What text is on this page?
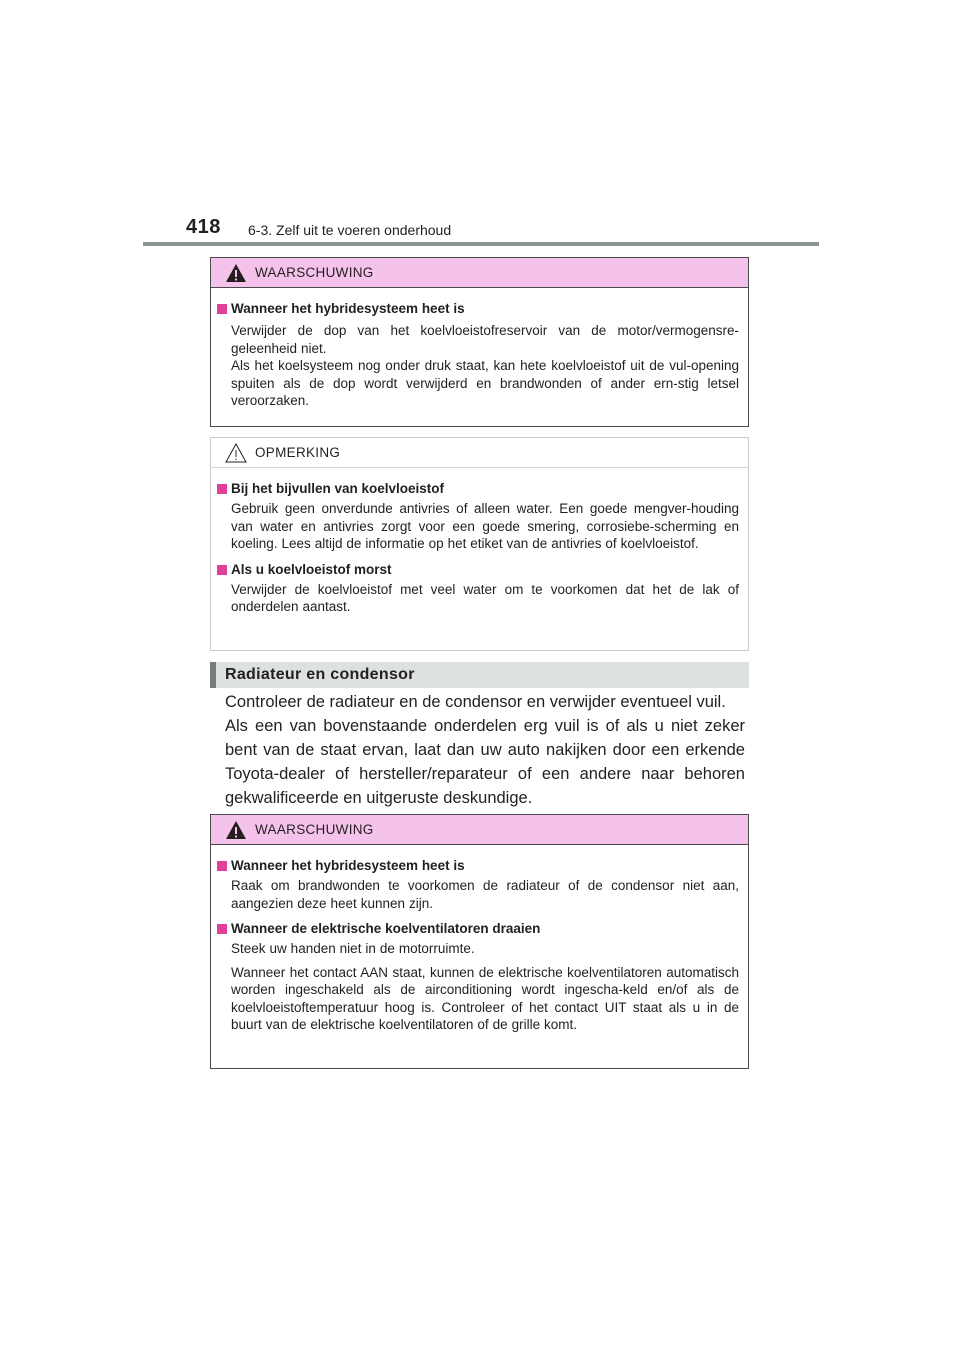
418 6-3. Zelf uit te voeren onderhoud
WAARSCHUWING
Wanneer het hybridesysteem heet is
Verwijder de dop van het koelvloeistofreservoir van de motor/vermogensre-geleenheid niet.
Als het koelsysteem nog onder druk staat, kan hete koelvloeistof uit de vul-opening spuiten als de dop wordt verwijderd en brandwonden of ander ern-stig letsel veroorzaken.
OPMERKING
Bij het bijvullen van koelvloeistof
Gebruik geen onverdunde antivries of alleen water. Een goede mengver-houding van water en antivries zorgt voor een goede smering, corrosiebe-scherming en koeling. Lees altijd de informatie op het etiket van de antivries of koelvloeistof.
Als u koelvloeistof morst
Verwijder de koelvloeistof met veel water om te voorkomen dat het de lak of onderdelen aantast.
Radiateur en condensor

Controleer de radiateur en de condensor en verwijder eventueel vuil.

Als een van bovenstaande onderdelen erg vuil is of als u niet zeker bent van de staat ervan, laat dan uw auto nakijken door een erkende Toyota-dealer of hersteller/reparateur of een andere naar behoren gekwalificeerde en uitgeruste deskundige.

WAARSCHUWING
Wanneer het hybridesysteem heet is
Raak om brandwonden te voorkomen de radiateur of de condensor niet aan, aangezien deze heet kunnen zijn.
Wanneer de elektrische koelventilatoren draaien
Steek uw handen niet in de motorruimte.
Wanneer het contact AAN staat, kunnen de elektrische koelventilatoren automatisch worden ingeschakeld als de airconditioning wordt ingescha-keld en/of als de koelvloeistoftemperatuur hoog is. Controleer of het contact UIT staat als u in de buurt van de elektrische koelventilatoren of de grille komt.
